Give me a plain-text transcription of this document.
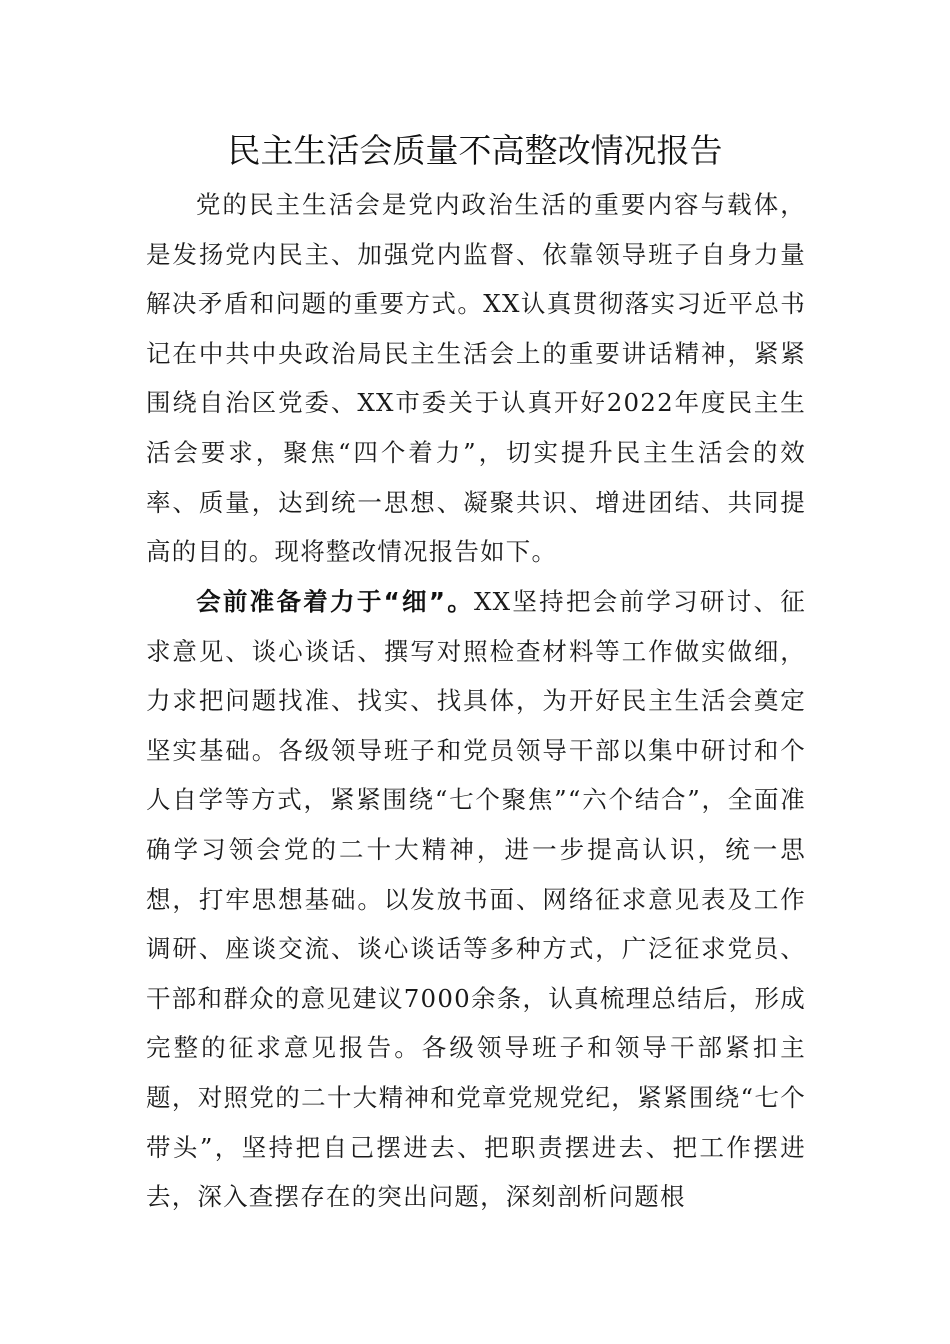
民主生活会质量不高整改情况报告

党的民主生活会是党内政治生活的重要内容与载体，是发扬党内民主、加强党内监督、依靠领导班子自身力量解决矛盾和问题的重要方式。XX认真贯彻落实习近平总书记在中共中央政治局民主生活会上的重要讲话精神，紧紧围绕自治区党委、XX市委关于认真开好2022年度民主生活会要求，聚焦“四个着力”，切实提升民主生活会的效率、质量，达到统一思想、凝聚共识、增进团结、共同提高的目的。现将整改情况报告如下。

会前准备着力于“细”。XX坚持把会前学习研讨、征求意见、谈心谈话、撰写对照检查材料等工作做实做细，力求把问题找准、找实、找具体，为开好民主生活会奠定坚实基础。各级领导班子和党员领导干部以集中研讨和个人自学等方式，紧紧围绕“七个聚焦”“六个结合”，全面准确学习领会党的二十大精神，进一步提高认识，统一思想，打牢思想基础。以发放书面、网络征求意见表及工作调研、座谈交流、谈心谈话等多种方式，广泛征求党员、干部和群众的意见建议7000余条，认真梳理总结后，形成完整的征求意见报告。各级领导班子和领导干部紧扣主题，对照党的二十大精神和党章党规党纪，紧紧围绕“七个带头”，坚持把自己摆进去、把职责摆进去、把工作摆进去，深入查摆存在的突出问题，深刻剖析问题根
